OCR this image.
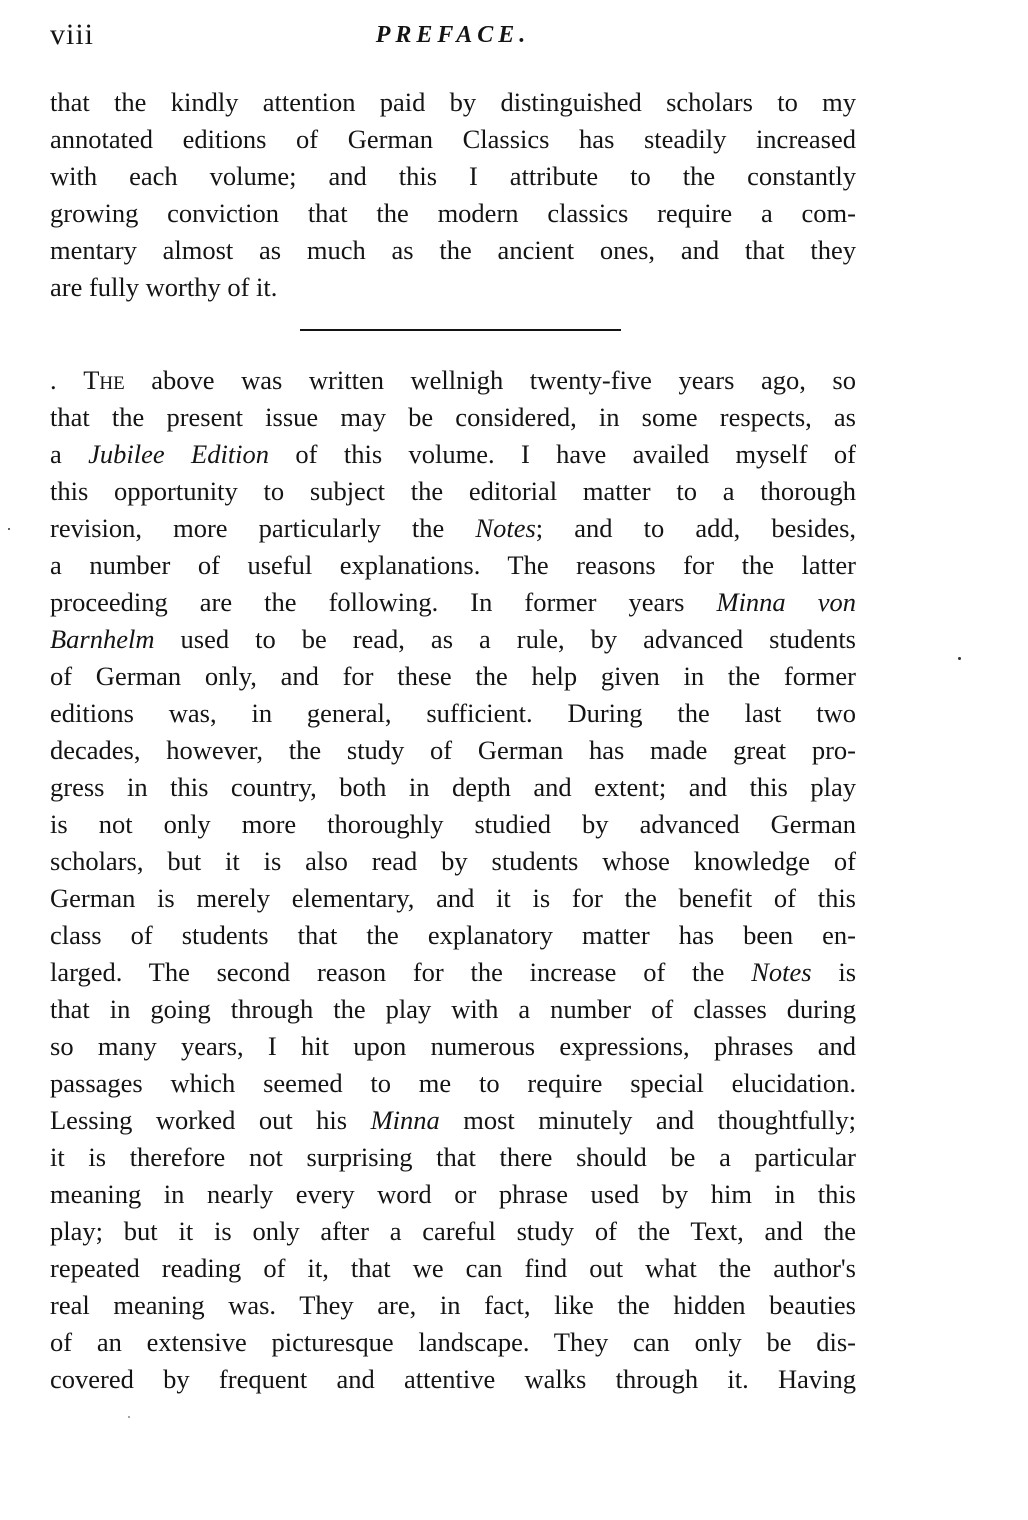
viii	PREFACE.
that the kindly attention paid by distinguished scholars to my
annotated editions of German Classics has steadily increased
with each volume; and this I attribute to the constantly
growing conviction that the modern classics require a com-
mentary almost as much as the ancient ones, and that they
are fully worthy of it.
. The above was written wellnigh twenty-five years ago, so
that the present issue may be considered, in some respects, as
a Jubilee Edition of this volume. I have availed myself of
this opportunity to subject the editorial matter to a thorough
revision, more particularly the Notes; and to add, besides,
a number of useful explanations. The reasons for the latter
proceeding are the following. In former years Minna von
Barnhelm used to be read, as a rule, by advanced students
of German only, and for these the help given in the former
editions was, in general, sufficient. During the last two
decades, however, the study of German has made great pro-
gress in this country, both in depth and extent; and this play
is not only more thoroughly studied by advanced German
scholars, but it is also read by students whose knowledge of
German is merely elementary, and it is for the benefit of this
class of students that the explanatory matter has been en-
larged. The second reason for the increase of the Notes is
that in going through the play with a number of classes during
so many years, I hit upon numerous expressions, phrases and
passages which seemed to me to require special elucidation.
Lessing worked out his Minna most minutely and thoughtfully;
it is therefore not surprising that there should be a particular
meaning in nearly every word or phrase used by him in this
play; but it is only after a careful study of the Text, and the
repeated reading of it, that we can find out what the author's
real meaning was. They are, in fact, like the hidden beauties
of an extensive picturesque landscape. They can only be dis-
covered by frequent and attentive walks through it. Having
